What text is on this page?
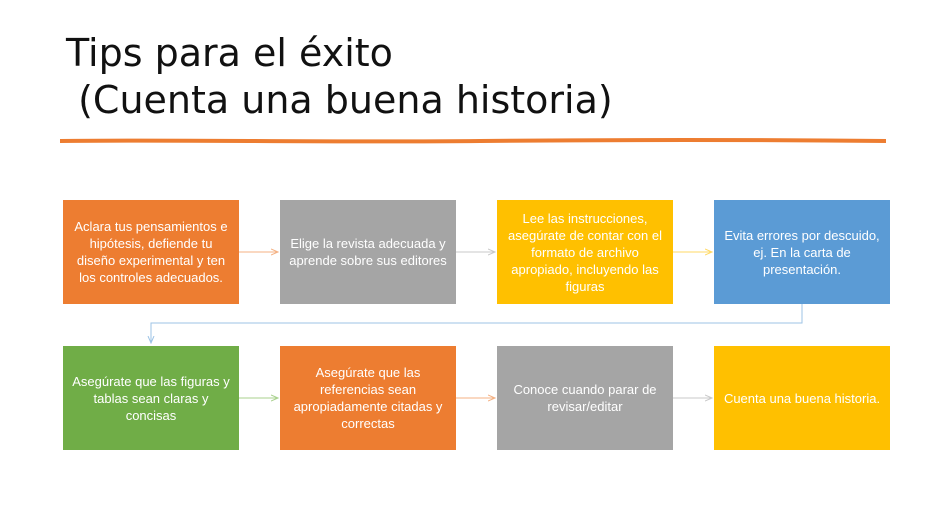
Tips para el éxito
(Cuenta una buena historia)
Aclara tus pensamientos e hipótesis, defiende tu diseño experimental y ten los controles adecuados.
Elige la revista adecuada y aprende sobre sus editores
Lee las instrucciones, asegúrate de contar con el formato de archivo apropiado, incluyendo las figuras
Evita errores por descuido, ej. En la carta de presentación.
Asegúrate que las figuras y tablas sean claras y concisas
Asegúrate que las referencias sean apropiadamente citadas y correctas
Conoce cuando parar de revisar/editar
Cuenta una buena historia.
